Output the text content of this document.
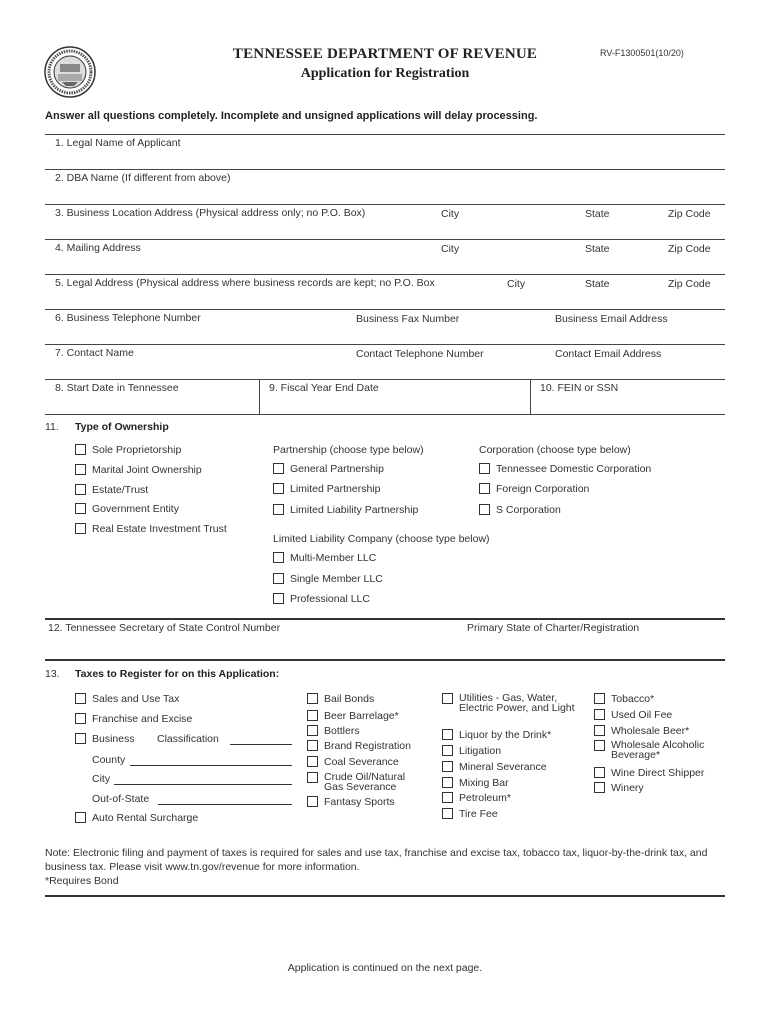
TENNESSEE DEPARTMENT OF REVENUE
Application for Registration
RV-F1300501(10/20)
Answer all questions completely. Incomplete and unsigned applications will delay processing.
1. Legal Name of Applicant
2. DBA Name (If different from above)
3. Business Location Address (Physical address only; no P.O. Box)	City	State	Zip Code
4. Mailing Address	City	State	Zip Code
5. Legal Address (Physical address where business records are kept; no P.O. Box	City	State	Zip Code
6. Business Telephone Number	Business Fax Number	Business Email Address
7. Contact Name	Contact Telephone Number	Contact Email Address
8. Start Date in Tennessee	9. Fiscal Year End Date	10. FEIN or SSN
11. Type of Ownership
Sole Proprietorship
Marital Joint Ownership
Estate/Trust
Government Entity
Real Estate Investment Trust
Partnership (choose type below)
General Partnership
Limited Partnership
Limited Liability Partnership
Corporation (choose type below)
Tennessee Domestic Corporation
Foreign Corporation
S Corporation
Limited Liability Company (choose type below)
Multi-Member LLC
Single Member LLC
Professional LLC
12. Tennessee Secretary of State Control Number	Primary State of Charter/Registration
13. Taxes to Register for on this Application:
Sales and Use Tax
Franchise and Excise
Business Classification
County
City
Out-of-State
Auto Rental Surcharge
Bail Bonds
Beer Barrelage*
Bottlers
Brand Registration
Coal Severance
Crude Oil/Natural Gas Severance
Fantasy Sports
Utilities - Gas, Water, Electric Power, and Light
Liquor by the Drink*
Litigation
Mineral Severance
Mixing Bar
Petroleum*
Tire Fee
Tobacco*
Used Oil Fee
Wholesale Beer*
Wholesale Alcoholic Beverage*
Wine Direct Shipper
Winery
Note: Electronic filing and payment of taxes is required for sales and use tax, franchise and excise tax, tobacco tax, liquor-by-the-drink tax, and business tax. Please visit www.tn.gov/revenue for more information.
*Requires Bond
Application is continued on the next page.
